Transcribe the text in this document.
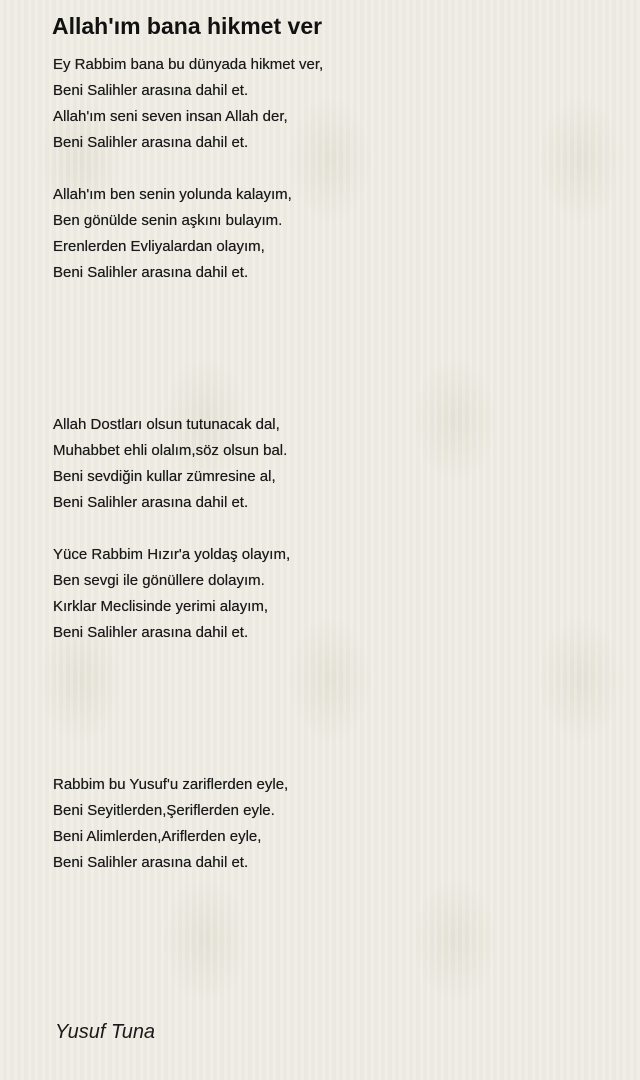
Allah'ım bana hikmet ver
Ey Rabbim bana bu dünyada hikmet ver,
Beni Salihler arasına dahil et.
Allah'ım seni seven insan Allah der,
Beni Salihler arasına dahil et.
Allah'ım ben senin yolunda kalayım,
Ben gönülde senin aşkını bulayım.
Erenlerden Evliyalardan olayım,
Beni Salihler arasına dahil et.
Allah Dostları olsun tutunacak dal,
Muhabbet ehli olalım,söz olsun bal.
Beni sevdiğin kullar zümresine al,
Beni Salihler arasına dahil et.
Yüce Rabbim Hızır'a yoldaş olayım,
Ben sevgi ile gönüllere dolayım.
Kırklar Meclisinde yerimi alayım,
Beni Salihler arasına dahil et.
Rabbim bu Yusuf'u zariflerden eyle,
Beni Seyitlerden,Şeriflerden eyle.
Beni Alimlerden,Ariflerden eyle,
Beni Salihler arasına dahil et.

Yusuf Tuna
